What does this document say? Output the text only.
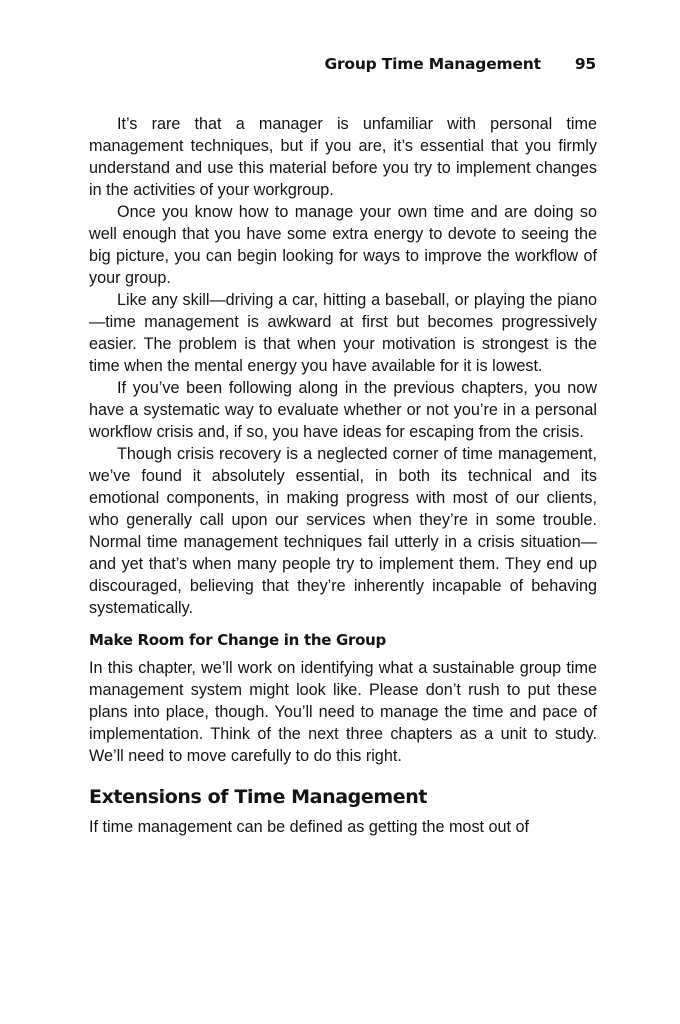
Group Time Management 95

It’s rare that a manager is unfamiliar with personal time management techniques, but if you are, it’s essential that you firmly understand and use this material before you try to implement changes in the activities of your workgroup.

Once you know how to manage your own time and are doing so well enough that you have some extra energy to devote to seeing the big picture, you can begin looking for ways to improve the workflow of your group.

Like any skill—driving a car, hitting a baseball, or playing the piano—time management is awkward at first but becomes progressively easier. The problem is that when your motivation is strongest is the time when the mental energy you have available for it is lowest.

If you’ve been following along in the previous chapters, you now have a systematic way to evaluate whether or not you’re in a personal workflow crisis and, if so, you have ideas for escaping from the crisis.

Though crisis recovery is a neglected corner of time management, we’ve found it absolutely essential, in both its technical and its emotional components, in making progress with most of our clients, who generally call upon our services when they’re in some trouble. Normal time management techniques fail utterly in a crisis situation—and yet that’s when many people try to implement them. They end up discouraged, believing that they’re inherently incapable of behaving systematically.

Make Room for Change in the Group

In this chapter, we’ll work on identifying what a sustainable group time management system might look like. Please don’t rush to put these plans into place, though. You’ll need to manage the time and pace of implementation. Think of the next three chapters as a unit to study. We’ll need to move carefully to do this right.

Extensions of Time Management

If time management can be defined as getting the most out of
